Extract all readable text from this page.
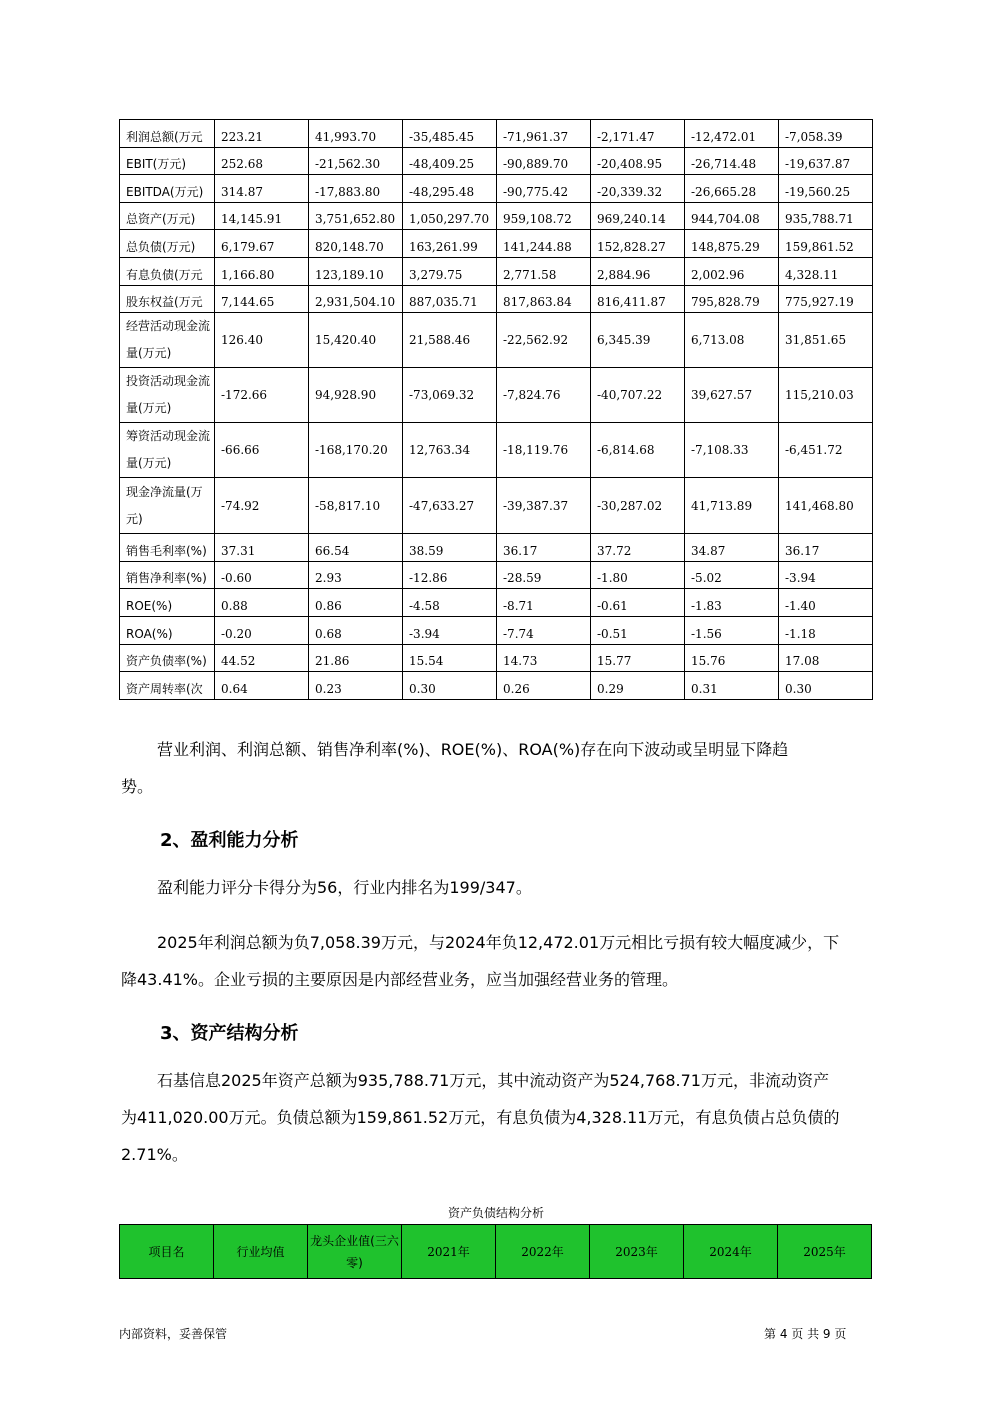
利润总额(万元	223.21	41,993.70	-35,485.45	-71,961.37	-2,171.47	-12,472.01	-7,058.39
EBIT(万元)	252.68	-21,562.30	-48,409.25	-90,889.70	-20,408.95	-26,714.48	-19,637.87
EBITDA(万元)	314.87	-17,883.80	-48,295.48	-90,775.42	-20,339.32	-26,665.28	-19,560.25
总资产(万元)	14,145.91	3,751,652.80	1,050,297.70	959,108.72	969,240.14	944,704.08	935,788.71
总负债(万元)	6,179.67	820,148.70	163,261.99	141,244.88	152,828.27	148,875.29	159,861.52
有息负债(万元	1,166.80	123,189.10	3,279.75	2,771.58	2,884.96	2,002.96	4,328.11
股东权益(万元	7,144.65	2,931,504.10	887,035.71	817,863.84	816,411.87	795,828.79	775,927.19
经营活动现金流量(万元)	126.40	15,420.40	21,588.46	-22,562.92	6,345.39	6,713.08	31,851.65
投资活动现金流量(万元)	-172.66	94,928.90	-73,069.32	-7,824.76	-40,707.22	39,627.57	115,210.03
筹资活动现金流量(万元)	-66.66	-168,170.20	12,763.34	-18,119.76	-6,814.68	-7,108.33	-6,451.72
现金净流量(万元)	-74.92	-58,817.10	-47,633.27	-39,387.37	-30,287.02	41,713.89	141,468.80
销售毛利率(%)	37.31	66.54	38.59	36.17	37.72	34.87	36.17
销售净利率(%)	-0.60	2.93	-12.86	-28.59	-1.80	-5.02	-3.94
ROE(%)	0.88	0.86	-4.58	-8.71	-0.61	-1.83	-1.40
ROA(%)	-0.20	0.68	-3.94	-7.74	-0.51	-1.56	-1.18
资产负债率(%)	44.52	21.86	15.54	14.73	15.77	15.76	17.08
资产周转率(次	0.64	0.23	0.30	0.26	0.29	0.31	0.30
营业利润、利润总额、销售净利率(%)、ROE(%)、ROA(%)存在向下波动或呈明显下降趋
势。
2、盈利能力分析
盈利能力评分卡得分为56，行业内排名为199/347。
2025年利润总额为负7,058.39万元，与2024年负12,472.01万元相比亏损有较大幅度减少，下
降43.41%。企业亏损的主要原因是内部经营业务，应当加强经营业务的管理。
3、资产结构分析
石基信息2025年资产总额为935,788.71万元，其中流动资产为524,768.71万元，非流动资产
为411,020.00万元。负债总额为159,861.52万元，有息负债为4,328.11万元，有息负债占总负债的
2.71%。
资产负债结构分析
项目名	行业均值	龙头企业值(三六零)	2021年	2022年	2023年	2024年	2025年
内部资料，妥善保管	第 4 页 共 9 页
